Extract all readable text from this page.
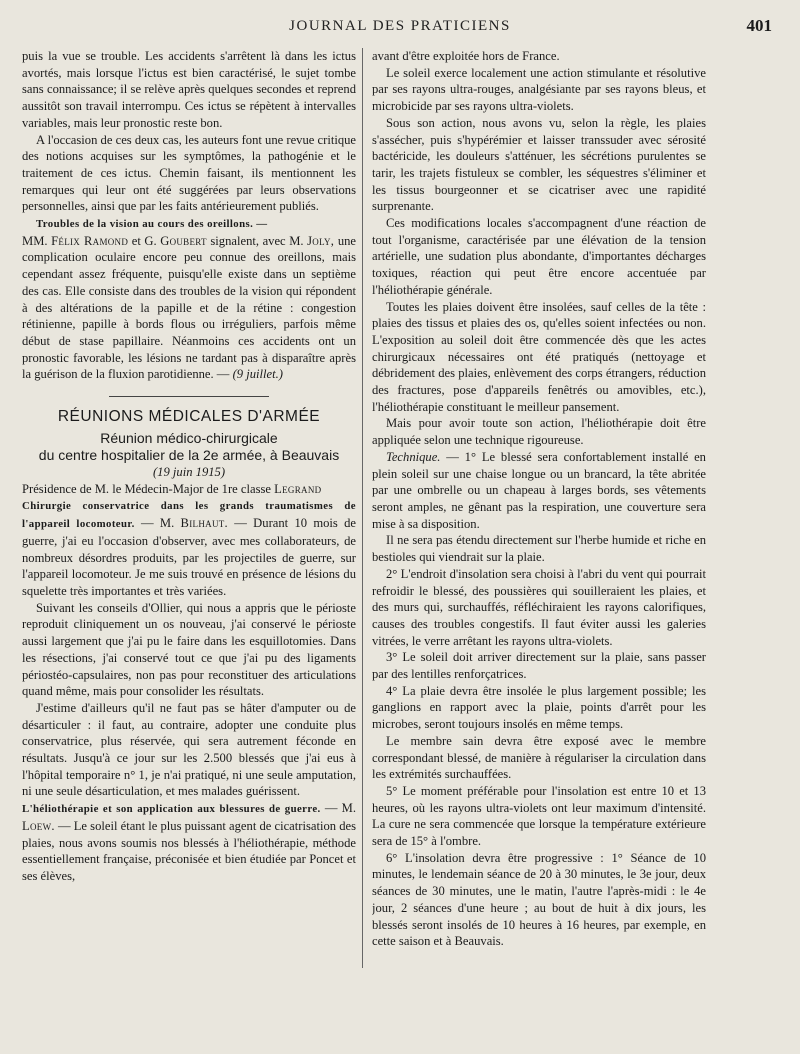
JOURNAL DES PRATICIENS	401

puis la vue se trouble. Les accidents s'arrêtent là dans les ictus avortés, mais lorsque l'ictus est bien caractérisé, le sujet tombe sans connaissance; il se relève après quelques secondes et reprend aussitôt son travail interrompu. Ces ictus se répètent à intervalles variables, mais leur pronostic reste bon.

A l'occasion de ces deux cas, les auteurs font une revue critique des notions acquises sur les symptômes, la pathogénie et le traitement de ces ictus. Chemin faisant, ils mentionnent les remarques qui leur ont été suggérées par leurs observations personnelles, ainsi que par les faits antérieurement publiés.

Troubles de la vision au cours des oreillons. —
MM. Félix Ramond et G. Goubert signalent, avec M. Joly, une complication oculaire encore peu connue des oreillons, mais cependant assez fréquente, puisqu'elle existe dans un septième des cas. Elle consiste dans des troubles de la vision qui répondent à des altérations de la papille et de la rétine : congestion rétinienne, papille à bords flous ou irréguliers, parfois même début de stase papillaire. Néanmoins ces accidents ont un pronostic favorable, les lésions ne tardant pas à disparaître après la guérison de la fluxion parotidienne. — (9 juillet.)

RÉUNIONS MÉDICALES D'ARMÉE

Réunion médico-chirurgicale

du centre hospitalier de la 2e armée, à Beauvais

(19 juin 1915)

Présidence de M. le Médecin-Major de 1re classe Legrand

Chirurgie conservatrice dans les grands traumatismes de l'appareil locomoteur. — M. Bilhaut. — Durant 10 mois de guerre, j'ai eu l'occasion d'observer, avec mes collaborateurs, de nombreux désordres produits, par les projectiles de guerre, sur l'appareil locomoteur. Je me suis trouvé en présence de lésions du squelette très importantes et très variées.

Suivant les conseils d'Ollier, qui nous a appris que le périoste reproduit cliniquement un os nouveau, j'ai conservé le périoste aussi largement que j'ai pu le faire dans les esquillotomies. Dans les résections, j'ai conservé tout ce que j'ai pu des ligaments périostéo-capsulaires, non pas pour reconstituer des articulations quand même, mais pour consolider les résultats.

J'estime d'ailleurs qu'il ne faut pas se hâter d'amputer ou de désarticuler : il faut, au contraire, adopter une conduite plus conservatrice, plus réservée, qui sera autrement féconde en résultats. Jusqu'à ce jour sur les 2.500 blessés que j'ai eus à l'hôpital temporaire n° 1, je n'ai pratiqué, ni une seule amputation, ni une seule désarticulation, et mes malades guérissent.

L'héliothérapie et son application aux blessures de guerre. — M. Loew. — Le soleil étant le plus puissant agent de cicatrisation des plaies, nous avons soumis nos blessés à l'héliothérapie, méthode essentiellement française, préconisée et bien étudiée par Poncet et ses élèves,

avant d'être exploitée hors de France.

Le soleil exerce localement une action stimulante et résolutive par ses rayons ultra-rouges, analgésiante par ses rayons bleus, et microbicide par ses rayons ultra-violets.

Sous son action, nous avons vu, selon la règle, les plaies s'assécher, puis s'hypérémier et laisser transsuder avec sérosité bactéricide, les douleurs s'atténuer, les sécrétions purulentes se tarir, les trajets fistuleux se combler, les séquestres s'éliminer et les tissus bourgeonner et se cicatriser avec une rapidité surprenante.

Ces modifications locales s'accompagnent d'une réaction de tout l'organisme, caractérisée par une élévation de la tension artérielle, une sudation plus abondante, d'importantes décharges toxiques, réaction qui peut être encore accentuée par l'héliothérapie générale.

Toutes les plaies doivent être insolées, sauf celles de la tête : plaies des tissus et plaies des os, qu'elles soient infectées ou non. L'exposition au soleil doit être commencée dès que les actes chirurgicaux nécessaires ont été pratiqués (nettoyage et débridement des plaies, enlèvement des corps étrangers, réduction des fractures, pose d'appareils fenêtrés ou amovibles, etc.), l'héliothérapie constituant le meilleur pansement.

Mais pour avoir toute son action, l'héliothérapie doit être appliquée selon une technique rigoureuse.

Technique. — 1° Le blessé sera confortablement installé en plein soleil sur une chaise longue ou un brancard, la tête abritée par une ombrelle ou un chapeau à larges bords, ses vêtements seront amples, ne gênant pas la respiration, une couverture sera mise à sa disposition.

Il ne sera pas étendu directement sur l'herbe humide et riche en bestioles qui viendrait sur la plaie.

2° L'endroit d'insolation sera choisi à l'abri du vent qui pourrait refroidir le blessé, des poussières qui souilleraient les plaies, et des murs qui, surchauffés, réfléchiraient les rayons calorifiques, causes des troubles congestifs. Il faut éviter aussi les galeries vitrées, le verre arrêtant les rayons ultra-violets.

3° Le soleil doit arriver directement sur la plaie, sans passer par des lentilles renforçatrices.

4° La plaie devra être insolée le plus largement possible; les ganglions en rapport avec la plaie, points d'arrêt pour les microbes, seront toujours insolés en même temps.

Le membre sain devra être exposé avec le membre correspondant blessé, de manière à régulariser la circulation dans les extrémités surchauffées.

5° Le moment préférable pour l'insolation est entre 10 et 13 heures, où les rayons ultra-violets ont leur maximum d'intensité. La cure ne sera commencée que lorsque la température extérieure sera de 15° à l'ombre.

6° L'insolation devra être progressive : 1° Séance de 10 minutes, le lendemain séance de 20 à 30 minutes, le 3e jour, deux séances de 30 minutes, une le matin, l'autre l'après-midi : le 4e jour, 2 séances d'une heure ; au bout de huit à dix jours, les blessés seront insolés de 10 heures à 16 heures, par exemple, en cette saison et à Beauvais.
